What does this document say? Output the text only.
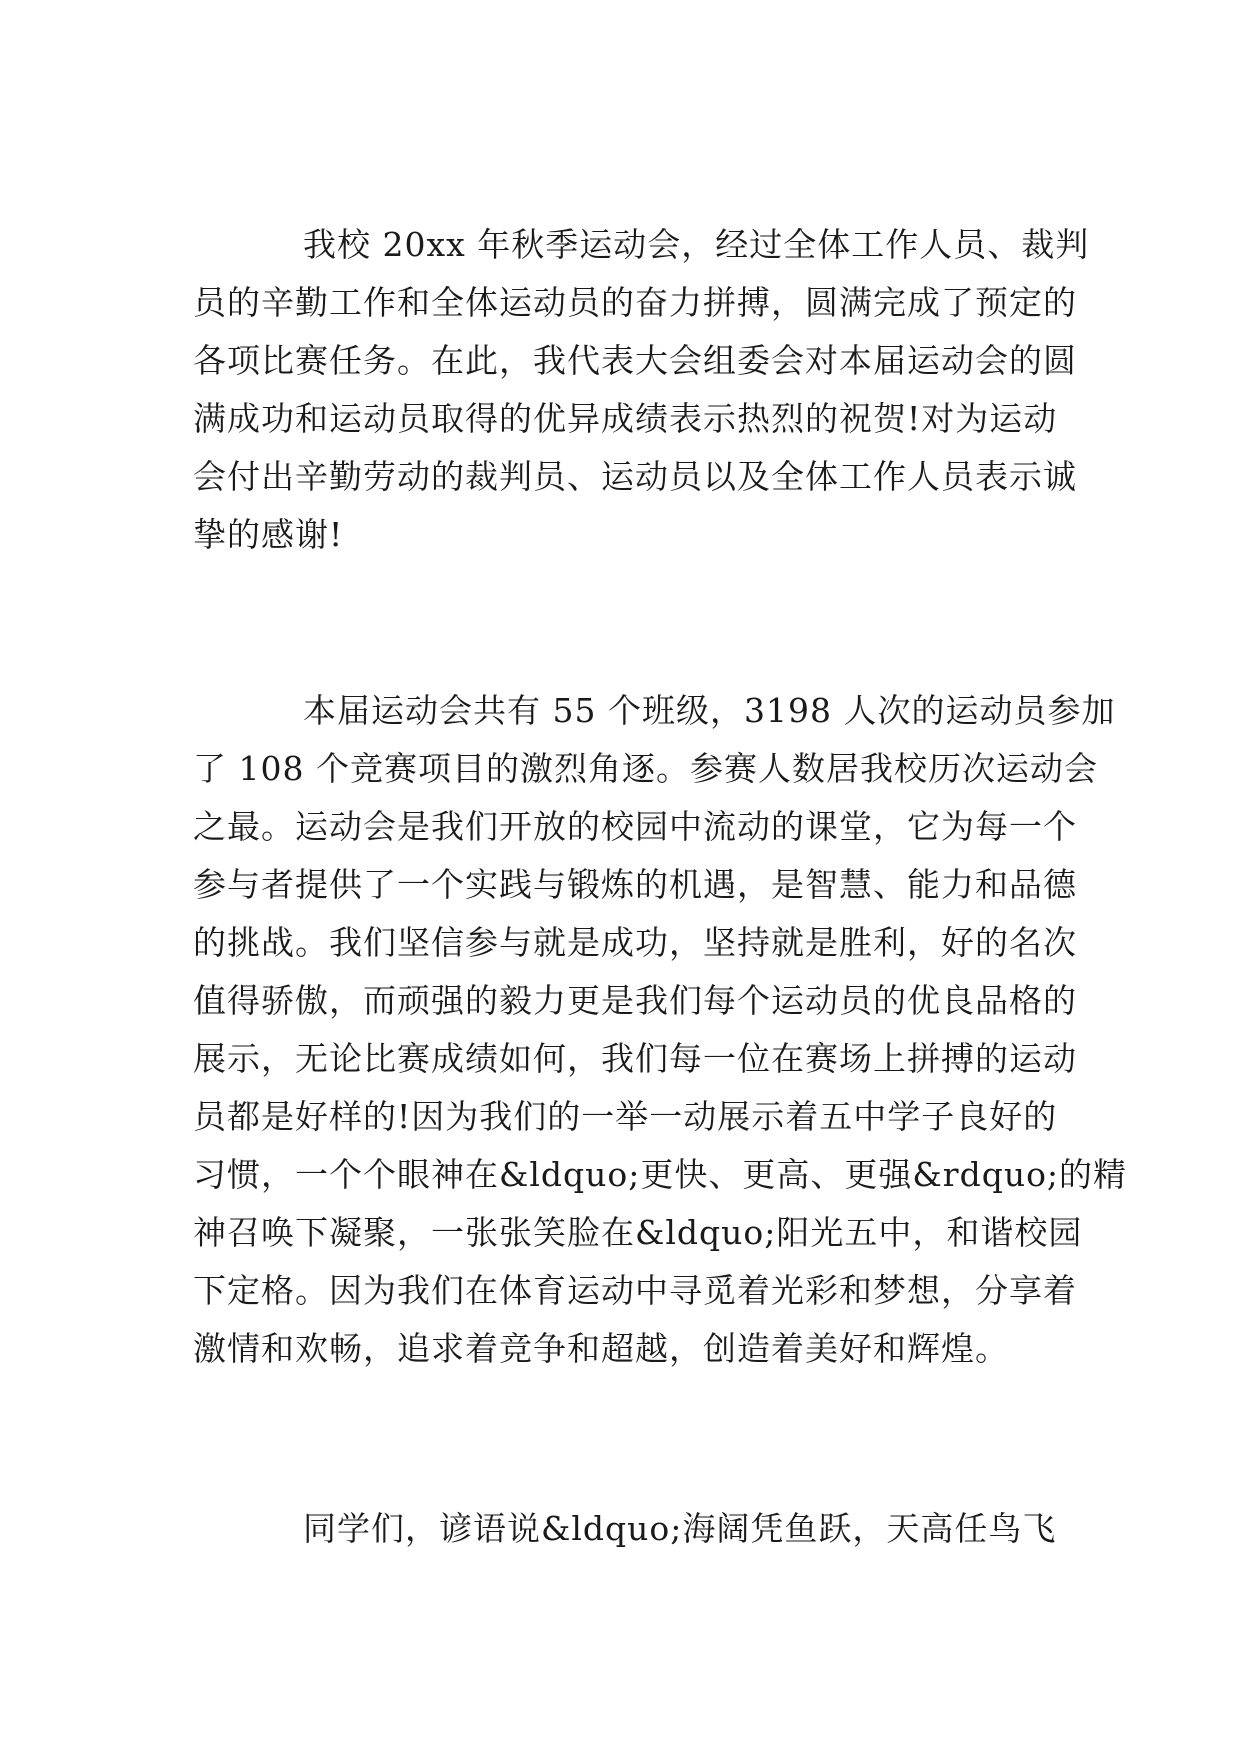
我校 20xx 年秋季运动会，经过全体工作人员、裁判
员的辛勤工作和全体运动员的奋力拼搏，圆满完成了预定的
各项比赛任务。在此，我代表大会组委会对本届运动会的圆
满成功和运动员取得的优异成绩表示热烈的祝贺!对为运动
会付出辛勤劳动的裁判员、运动员以及全体工作人员表示诚
挚的感谢!
本届运动会共有 55 个班级，3198 人次的运动员参加
了 108 个竞赛项目的激烈角逐。参赛人数居我校历次运动会
之最。运动会是我们开放的校园中流动的课堂，它为每一个
参与者提供了一个实践与锻炼的机遇，是智慧、能力和品德
的挑战。我们坚信参与就是成功，坚持就是胜利，好的名次
值得骄傲，而顽强的毅力更是我们每个运动员的优良品格的
展示，无论比赛成绩如何，我们每一位在赛场上拼搏的运动
员都是好样的!因为我们的一举一动展示着五中学子良好的
习惯，一个个眼神在&ldquo;更快、更高、更强&rdquo;的精
神召唤下凝聚，一张张笑脸在&ldquo;阳光五中，和谐校园
下定格。因为我们在体育运动中寻觅着光彩和梦想，分享着
激情和欢畅，追求着竞争和超越，创造着美好和辉煌。
同学们，谚语说&ldquo;海阔凭鱼跃，天高任鸟飞
